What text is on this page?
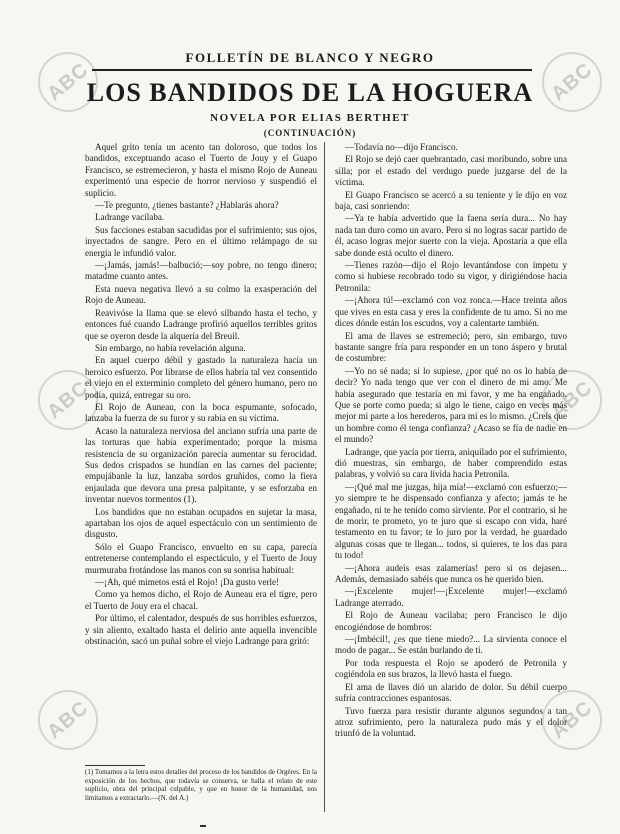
ABC	ABC
ABC	ABC
ABC	ABC
FOLLETÍN DE BLANCO Y NEGRO
LOS BANDIDOS DE LA HOGUERA
NOVELA POR ELIAS BERTHET
(CONTINUACIÓN)

Aquel grito tenía un acento tan doloroso, que todos los bandidos, exceptuando acaso el Tuerto de Jouy y el Guapo Francisco, se estremecieron, y hasta el mismo Rojo de Auneau experimentó una especie de horror nervioso y suspendió el suplicio.

—Te pregunto, ¿tienes bastante? ¿Hablarás ahora?

Ladrange vacilaba.

Sus facciones estaban sacudidas por el sufrimiento; sus ojos, inyectados de sangre. Pero en el último relámpago de su energía le infundió valor.

—¡Jamás, jamás!—balbució;—soy pobre, no tengo dinero; matadme cuanto antes.

Esta nueva negativa llevó a su colmo la exasperación del Rojo de Auneau.

Reavivóse la llama que se elevó silbando hasta el techo, y entonces fué cuando Ladrange profirió aquellos terribles gritos que se oyeron desde la alquería del Breuil.

Sin embargo, no había revelación alguna.

En aquel cuerpo débil y gastado la naturaleza hacía un heroico esfuerzo. Por librarse de ellos habría tal vez consentido el viejo en el exterminio completo del género humano, pero no podía, quizá, entregar su oro.

El Rojo de Auneau, con la boca espumante, sofocado, lanzaba la fuerza de su furor y su rabia en su víctima.

Acaso la naturaleza nerviosa del anciano sufría una parte de las torturas que había experimentado; porque la misma resistencia de su organización parecía aumentar su ferocidad. Sus dedos crispados se hundían en las carnes del paciente; empujábanle la luz, lanzaba sordos gruñidos, como la fiera enjaulada que devora una presa palpitante, y se esforzaba en inventar nuevos tormentos (1).

Los bandidos que no estaban ocupados en sujetar la masa, apartaban los ojos de aquel espectáculo con un sentimiento de disgusto.

Sólo el Guapo Francisco, envuelto en su capa, parecía entretenerse contemplando el espectáculo, y el Tuerto de Jouy murmuraba frotándose las manos con su sonrisa habitual:

—¡Ah, qué mimetos está el Rojo! ¡Da gusto verle!

Como ya hemos dicho, el Rojo de Auneau era el tigre, pero el Tuerto de Jouy era el chacal.

Por último, el calentador, después de sus horribles esfuerzos, y sin aliento, exaltado hasta el delirio ante aquella invencible obstinación, sacó un puñal sobre el viejo Ladrange para gritó:

(1) Tomamos a la letra estos detalles del proceso de los bandidos de Orgères. En la exposición de los hechos, que todavía se conserva, se halla el relato de este suplicio, obra del principal culpable, y que en honor de la humanidad, nos limitamos a extractarlo.—(N. del A.)

—Todavía no—dijo Francisco.

El Rojo se dejó caer quebrantado, casi moribundo, sobre una silla; por el estado del verdugo puede juzgarse del de la víctima.

El Guapo Francisco se acercó a su teniente y le dijo en voz baja, casi sonriendo:

—Ya te había advertido que la faena sería dura... No hay nada tan duro como un avaro. Pero si no logras sacar partido de él, acaso logras mejor suerte con la vieja. Apostaría a que ella sabe donde está oculto el dinero.

—Tienes razón—dijo el Rojo levantándose con ímpetu y como si hubiese recobrado todo su vigor, y dirigiéndose hacia Petronila:

—¡Ahora tú!—exclamó con voz ronca.—Hace treinta años que vives en esta casa y eres la confidente de tu amo. Si no me dices dónde están los escudos, voy a calentarte también.

El ama de llaves se estremeció; pero, sin embargo, tuvo bastante sangre fría para responder en un tono áspero y brutal de costumbre:

—Yo no sé nada; si lo supiese, ¿por qué no os lo había de decir? Yo nada tengo que ver con el dinero de mi amo. Me había asegurado que testaría en mi favor, y me ha engañado. Que se porte como pueda; si algo le tiene, caigo en veces más mejor mi parte a los herederos, para mí es lo mismo. ¿Creís que un hombre como él tenga confianza? ¿Acaso se fía de nadie en el mundo?

Ladrange, que yacía por tierra, aniquilado por el sufrimiento, dió muestras, sin embargo, de haber comprendido estas palabras, y volvió su cara lívida hacia Petronila.

—¡Qué mal me juzgas, hija mía!—exclamó con esfuerzo;—yo siempre te he dispensado confianza y afecto; jamás te he engañado, ni te he tenido como sirviente. Por el contrario, si he de morir, te prometo, yo te juro que si escapo con vida, haré testamento en tu favor; te lo juro por la verdad, he guardado algunas cosas que te llegan... todos, si quieres, te los das para tu todo!

—¡Ahora audeís esas zalamerías! pero si os dejasen... Además, demasiado sabéis que nunca os he querido bien.

—¡Excelente mujer!—¡Excelente mujer!—exclamó Ladrange aterrado.

El Rojo de Auneau vacilaba; pero Francisco le dijo encogiéndose de hombros:

—¡Imbécil!, ¿es que tiene miedo?... La sirvienta conoce el modo de pagar... Se están burlando de ti.

Por toda respuesta el Rojo se apoderó de Petronila y cogiéndola en sus brazos, la llevó hasta el fuego.

El ama de llaves dió un alarido de dolor. Su débil cuerpo sufría contracciones espantosas.

Tuvo fuerza para resistir durante algunos segundos a tan atroz sufrimiento, pero la naturaleza pudo más y el dolor triunfó de la voluntad.
